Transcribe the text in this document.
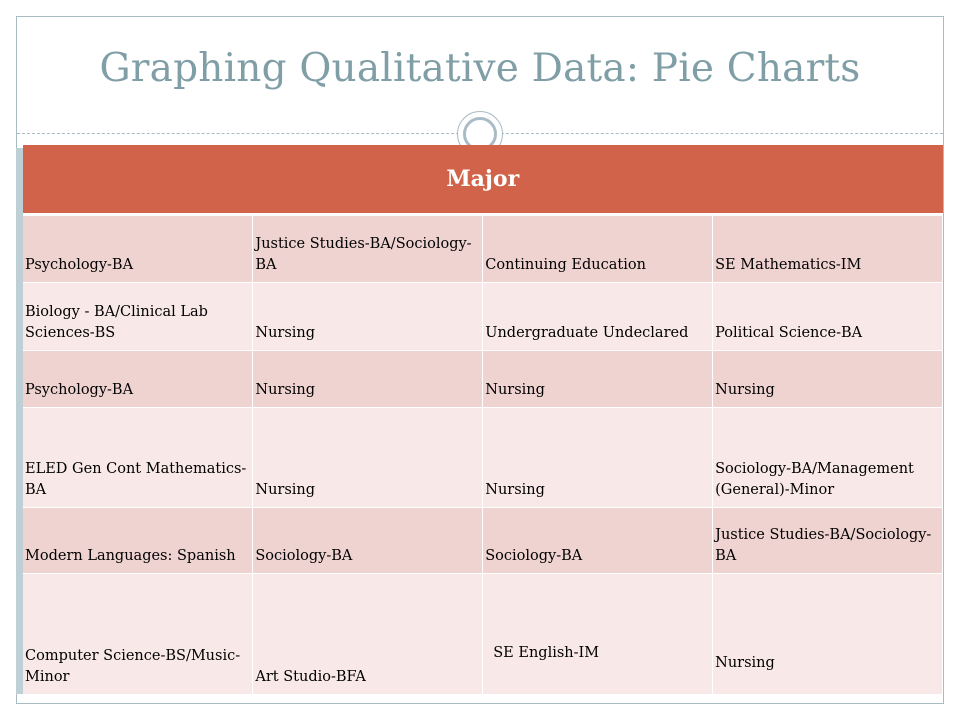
Graphing Qualitative Data: Pie Charts
Major			
Psychology-BA	Justice Studies-BA/Sociology-BA	Continuing Education	SE Mathematics-IM
Biology - BA/Clinical Lab Sciences-BS	Nursing	Undergraduate Undeclared	Political Science-BA
Psychology-BA	Nursing	Nursing	Nursing
ELED Gen Cont Mathematics-BA	Nursing	Nursing	Sociology-BA/Management (General)-Minor
Modern Languages: Spanish	Sociology-BA	Sociology-BA	Justice Studies-BA/Sociology-BA
Computer Science-BS/Music-Minor	Art Studio-BFA	SE English-IM	Nursing
